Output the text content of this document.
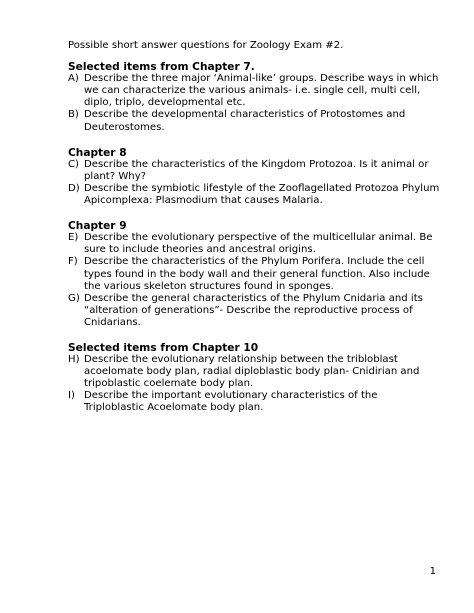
Possible short answer questions for Zoology Exam #2.

Selected items from Chapter 7.

A) Describe the three major ‘Animal-like’ groups. Describe ways in which we can characterize the various animals- i.e. single cell, multi cell, diplo, triplo, developmental etc.
B) Describe the developmental characteristics of Protostomes and Deuterostomes.

Chapter 8

C) Describe the characteristics of the Kingdom Protozoa. Is it animal or plant? Why?
D) Describe the symbiotic lifestyle of the Zooflagellated Protozoa Phylum Apicomplexa: Plasmodium that causes Malaria.

Chapter 9

E) Describe the evolutionary perspective of the multicellular animal. Be sure to include theories and ancestral origins.
F) Describe the characteristics of the Phylum Porifera. Include the cell types found in the body wall and their general function. Also include the various skeleton structures found in sponges.
G) Describe the general characteristics of the Phylum Cnidaria and its “alteration of generations”- Describe the reproductive process of Cnidarians.

Selected items from Chapter 10

H) Describe the evolutionary relationship between the tribloblast acoelomate body plan, radial diploblastic body plan- Cnidirian and tripoblastic coelemate body plan.
I) Describe the important evolutionary characteristics of the Triploblastic Acoelomate body plan.
1
